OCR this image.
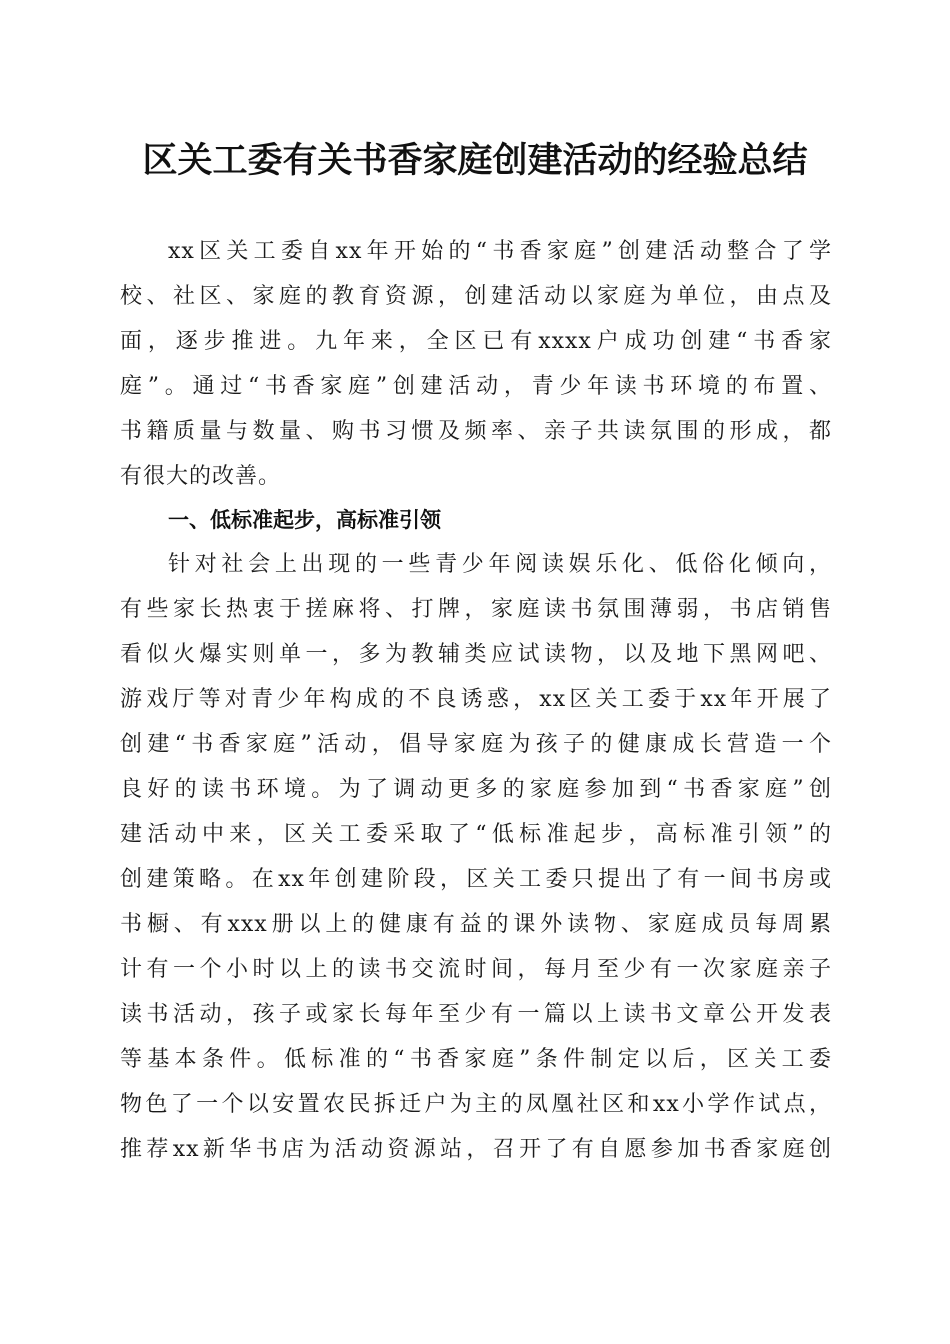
区关工委有关书香家庭创建活动的经验总结
xx区关工委自xx年开始的“书香家庭”创建活动整合了学
校、社区、家庭的教育资源，创建活动以家庭为单位，由点及
面，逐步推进。九年来，全区已有xxxx户成功创建“书香家
庭”。通过“书香家庭”创建活动，青少年读书环境的布置、
书籍质量与数量、购书习惯及频率、亲子共读氛围的形成，都
有很大的改善。
一、低标准起步，高标准引领
针对社会上出现的一些青少年阅读娱乐化、低俗化倾向，
有些家长热衷于搓麻将、打牌，家庭读书氛围薄弱，书店销售
看似火爆实则单一，多为教辅类应试读物，以及地下黑网吧、
游戏厅等对青少年构成的不良诱惑，xx区关工委于xx年开展了
创建“书香家庭”活动，倡导家庭为孩子的健康成长营造一个
良好的读书环境。为了调动更多的家庭参加到“书香家庭”创
建活动中来，区关工委采取了“低标准起步，高标准引领”的
创建策略。在xx年创建阶段，区关工委只提出了有一间书房或
书橱、有xxx册以上的健康有益的课外读物、家庭成员每周累
计有一个小时以上的读书交流时间，每月至少有一次家庭亲子
读书活动，孩子或家长每年至少有一篇以上读书文章公开发表
等基本条件。低标准的“书香家庭”条件制定以后，区关工委
物色了一个以安置农民拆迁户为主的凤凰社区和xx小学作试点，
推荐xx新华书店为活动资源站，召开了有自愿参加书香家庭创
